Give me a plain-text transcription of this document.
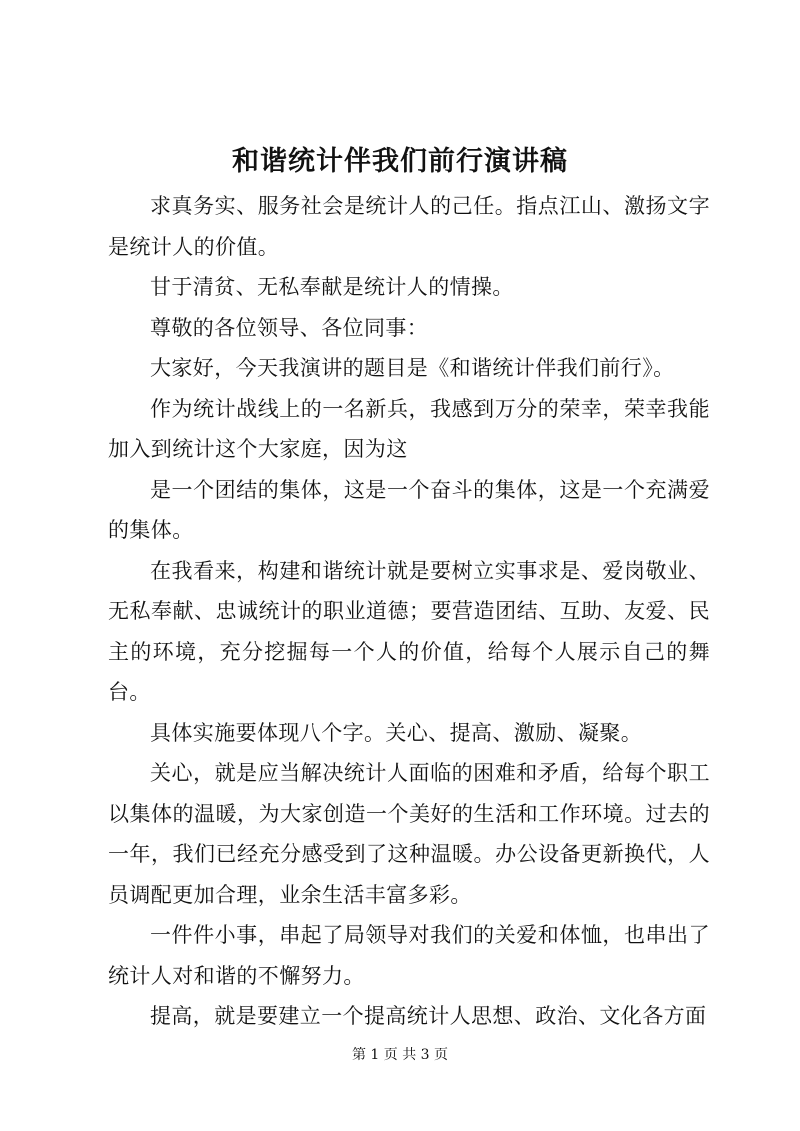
和谐统计伴我们前行演讲稿

求真务实、服务社会是统计人的己任。指点江山、激扬文字是统计人的价值。

甘于清贫、无私奉献是统计人的情操。

尊敬的各位领导、各位同事：

大家好，今天我演讲的题目是《和谐统计伴我们前行》。

作为统计战线上的一名新兵，我感到万分的荣幸，荣幸我能加入到统计这个大家庭，因为这

是一个团结的集体，这是一个奋斗的集体，这是一个充满爱的集体。

在我看来，构建和谐统计就是要树立实事求是、爱岗敬业、无私奉献、忠诚统计的职业道德；要营造团结、互助、友爱、民主的环境，充分挖掘每一个人的价值，给每个人展示自己的舞台。

具体实施要体现八个字。关心、提高、激励、凝聚。

关心，就是应当解决统计人面临的困难和矛盾，给每个职工以集体的温暖，为大家创造一个美好的生活和工作环境。过去的一年，我们已经充分感受到了这种温暖。办公设备更新换代，人员调配更加合理，业余生活丰富多彩。

一件件小事，串起了局领导对我们的关爱和体恤，也串出了统计人对和谐的不懈努力。

提高，就是要建立一个提高统计人思想、政治、文化各方面

第 1 页 共 3 页
